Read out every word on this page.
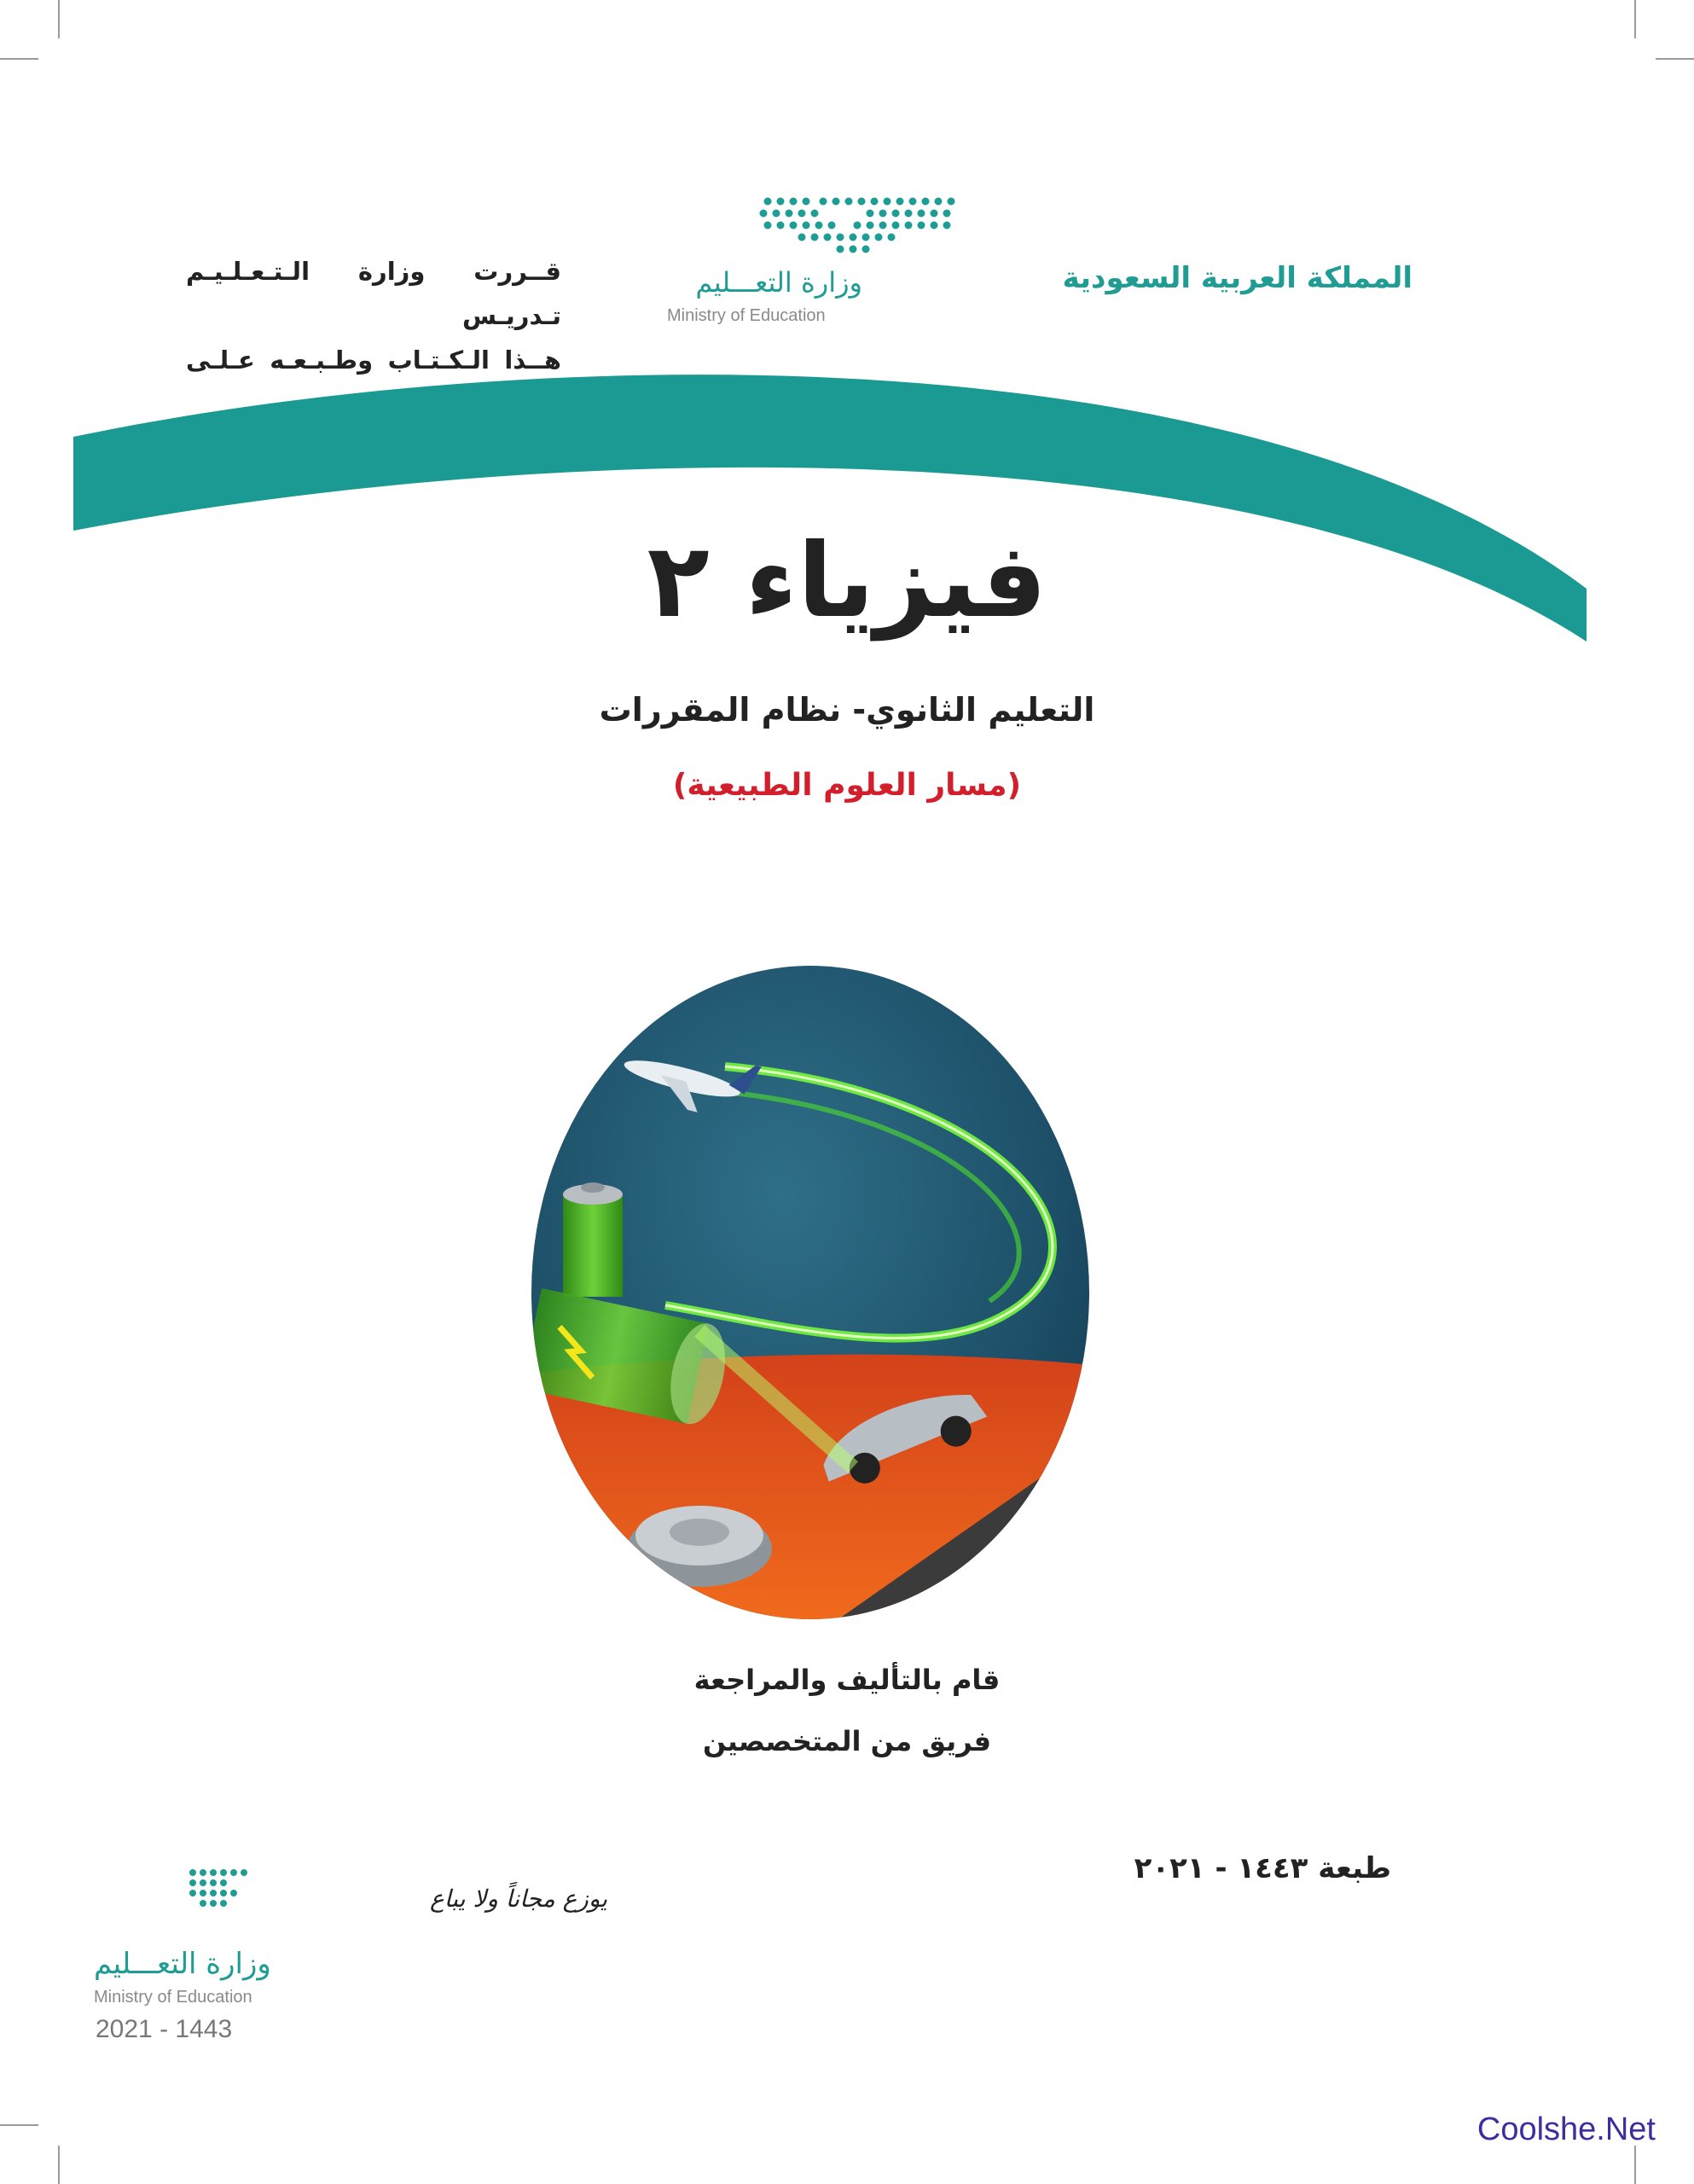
المملكة العربية السعودية
وزارة التعـــليم
Ministry of Education
قــررت وزارة الـتـعـلـيـم تـدريـس
هــذا الـكـتـاب وطـبـعـه عـلـى
فيزياء ٢
التعليم الثانوي- نظام المقررات
(مسار العلوم الطبيعية)
قام بالتأليف والمراجعة
فريق من المتخصصين
طبعة ١٤٤٣ - ٢٠٢١
يوزع مجاناً ولا يباع
وزارة التعـــليم
Ministry of Education
2021 - 1443
Coolshe.Net
